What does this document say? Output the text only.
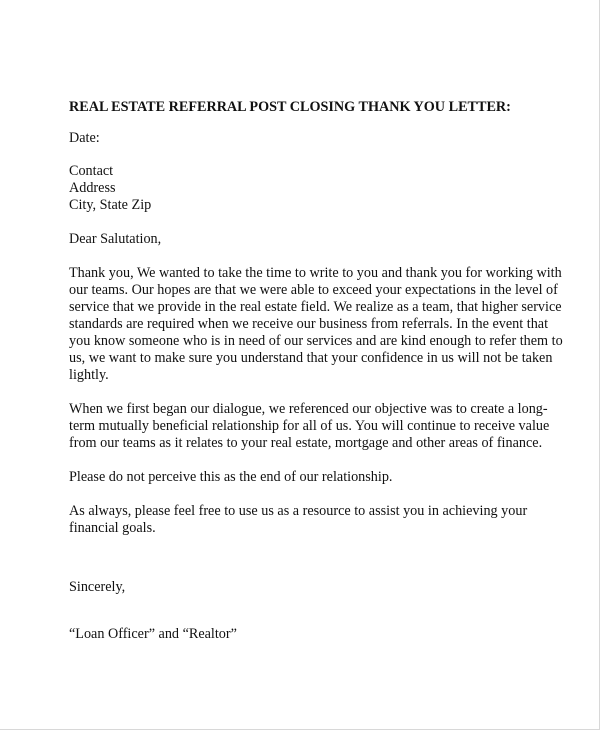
REAL ESTATE REFERRAL POST CLOSING THANK YOU LETTER:
Date:
Contact
Address
City, State Zip
Dear Salutation,

Thank you, We wanted to take the time to write to you and thank you for working with our teams. Our hopes are that we were able to exceed your expectations in the level of service that we provide in the real estate field. We realize as a team, that higher service standards are required when we receive our business from referrals. In the event that you know someone who is in need of our services and are kind enough to refer them to us, we want to make sure you understand that your confidence in us will not be taken lightly.

When we first began our dialogue, we referenced our objective was to create a long-term mutually beneficial relationship for all of us. You will continue to receive value from our teams as it relates to your real estate, mortgage and other areas of finance.

Please do not perceive this as the end of our relationship.

As always, please feel free to use us as a resource to assist you in achieving your financial goals.

Sincerely,
“Loan Officer” and “Realtor”
